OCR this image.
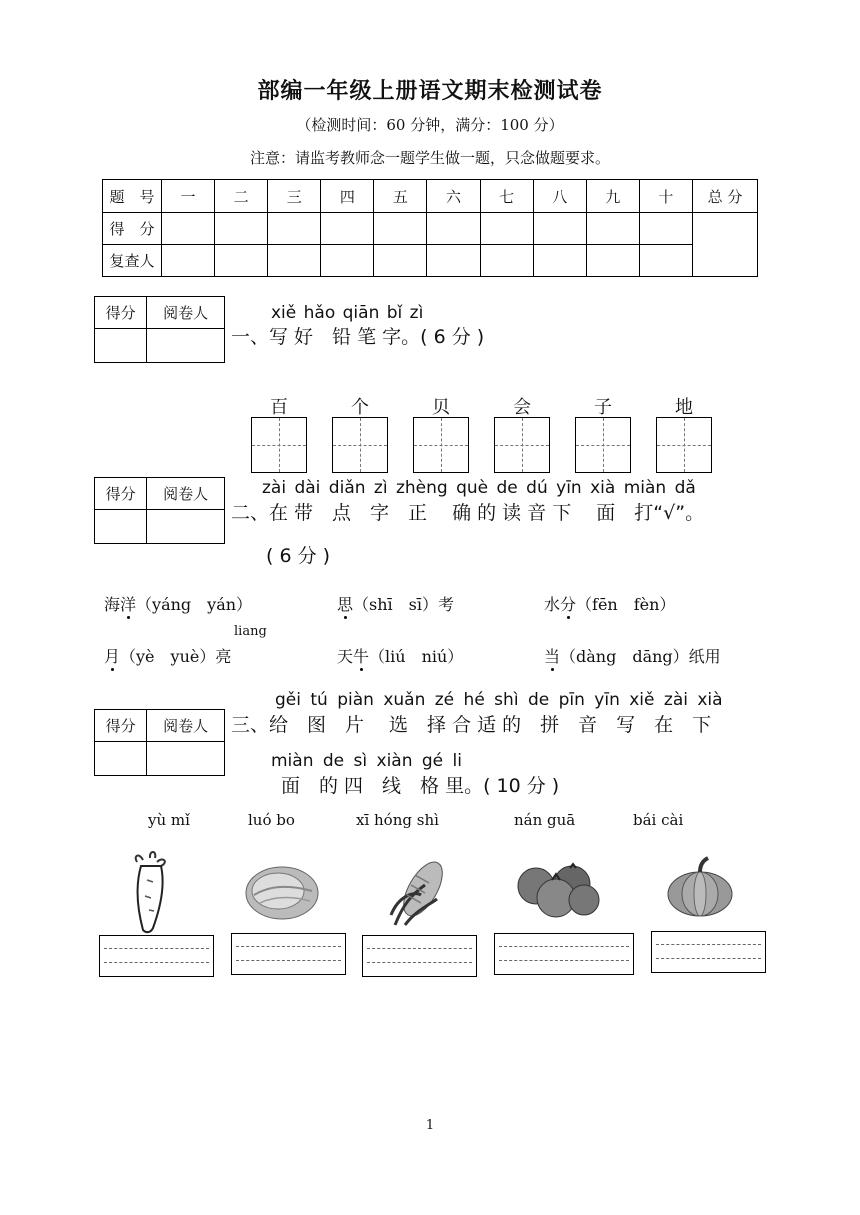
部编一年级上册语文期末检测试卷
（检测时间：60 分钟，满分：100 分）
注意：请监考教师念一题学生做一题，只念做题要求。
题　号	一	二	三	四	五	六	七	八	九	十	总 分
得　分											
复查人											
得分	阅卷人
		xiě hǎo qiān bǐ zì
一、写 好　铅 笔 字。( 6 分 )
百	个	贝	会	子	地
得分	阅卷人
		zài dài diǎn zì zhèng què de dú yīn xià miàn dǎ
二、在 带　点　字　正　 确 的 读 音 下　 面　打“√”。
( 6 分 )
海洋（yáng　yán）	思（shī　sī）考	水分（fēn　fèn）
liang
月（yè　yuè）亮	天牛（liú　niú）	当（dàng　dāng）纸用
得分	阅卷人

gěi tú piàn xuǎn zé hé shì de pīn yīn xiě zài xià
三、给　图　片　 选　择 合 适 的　拼　音　写　在　下
miàn de sì xiàn gé li
面　的 四　线　格 里。( 10 分 )
yù mǐ	luó bo	xī hóng shì	nán guā	bái cài
1
